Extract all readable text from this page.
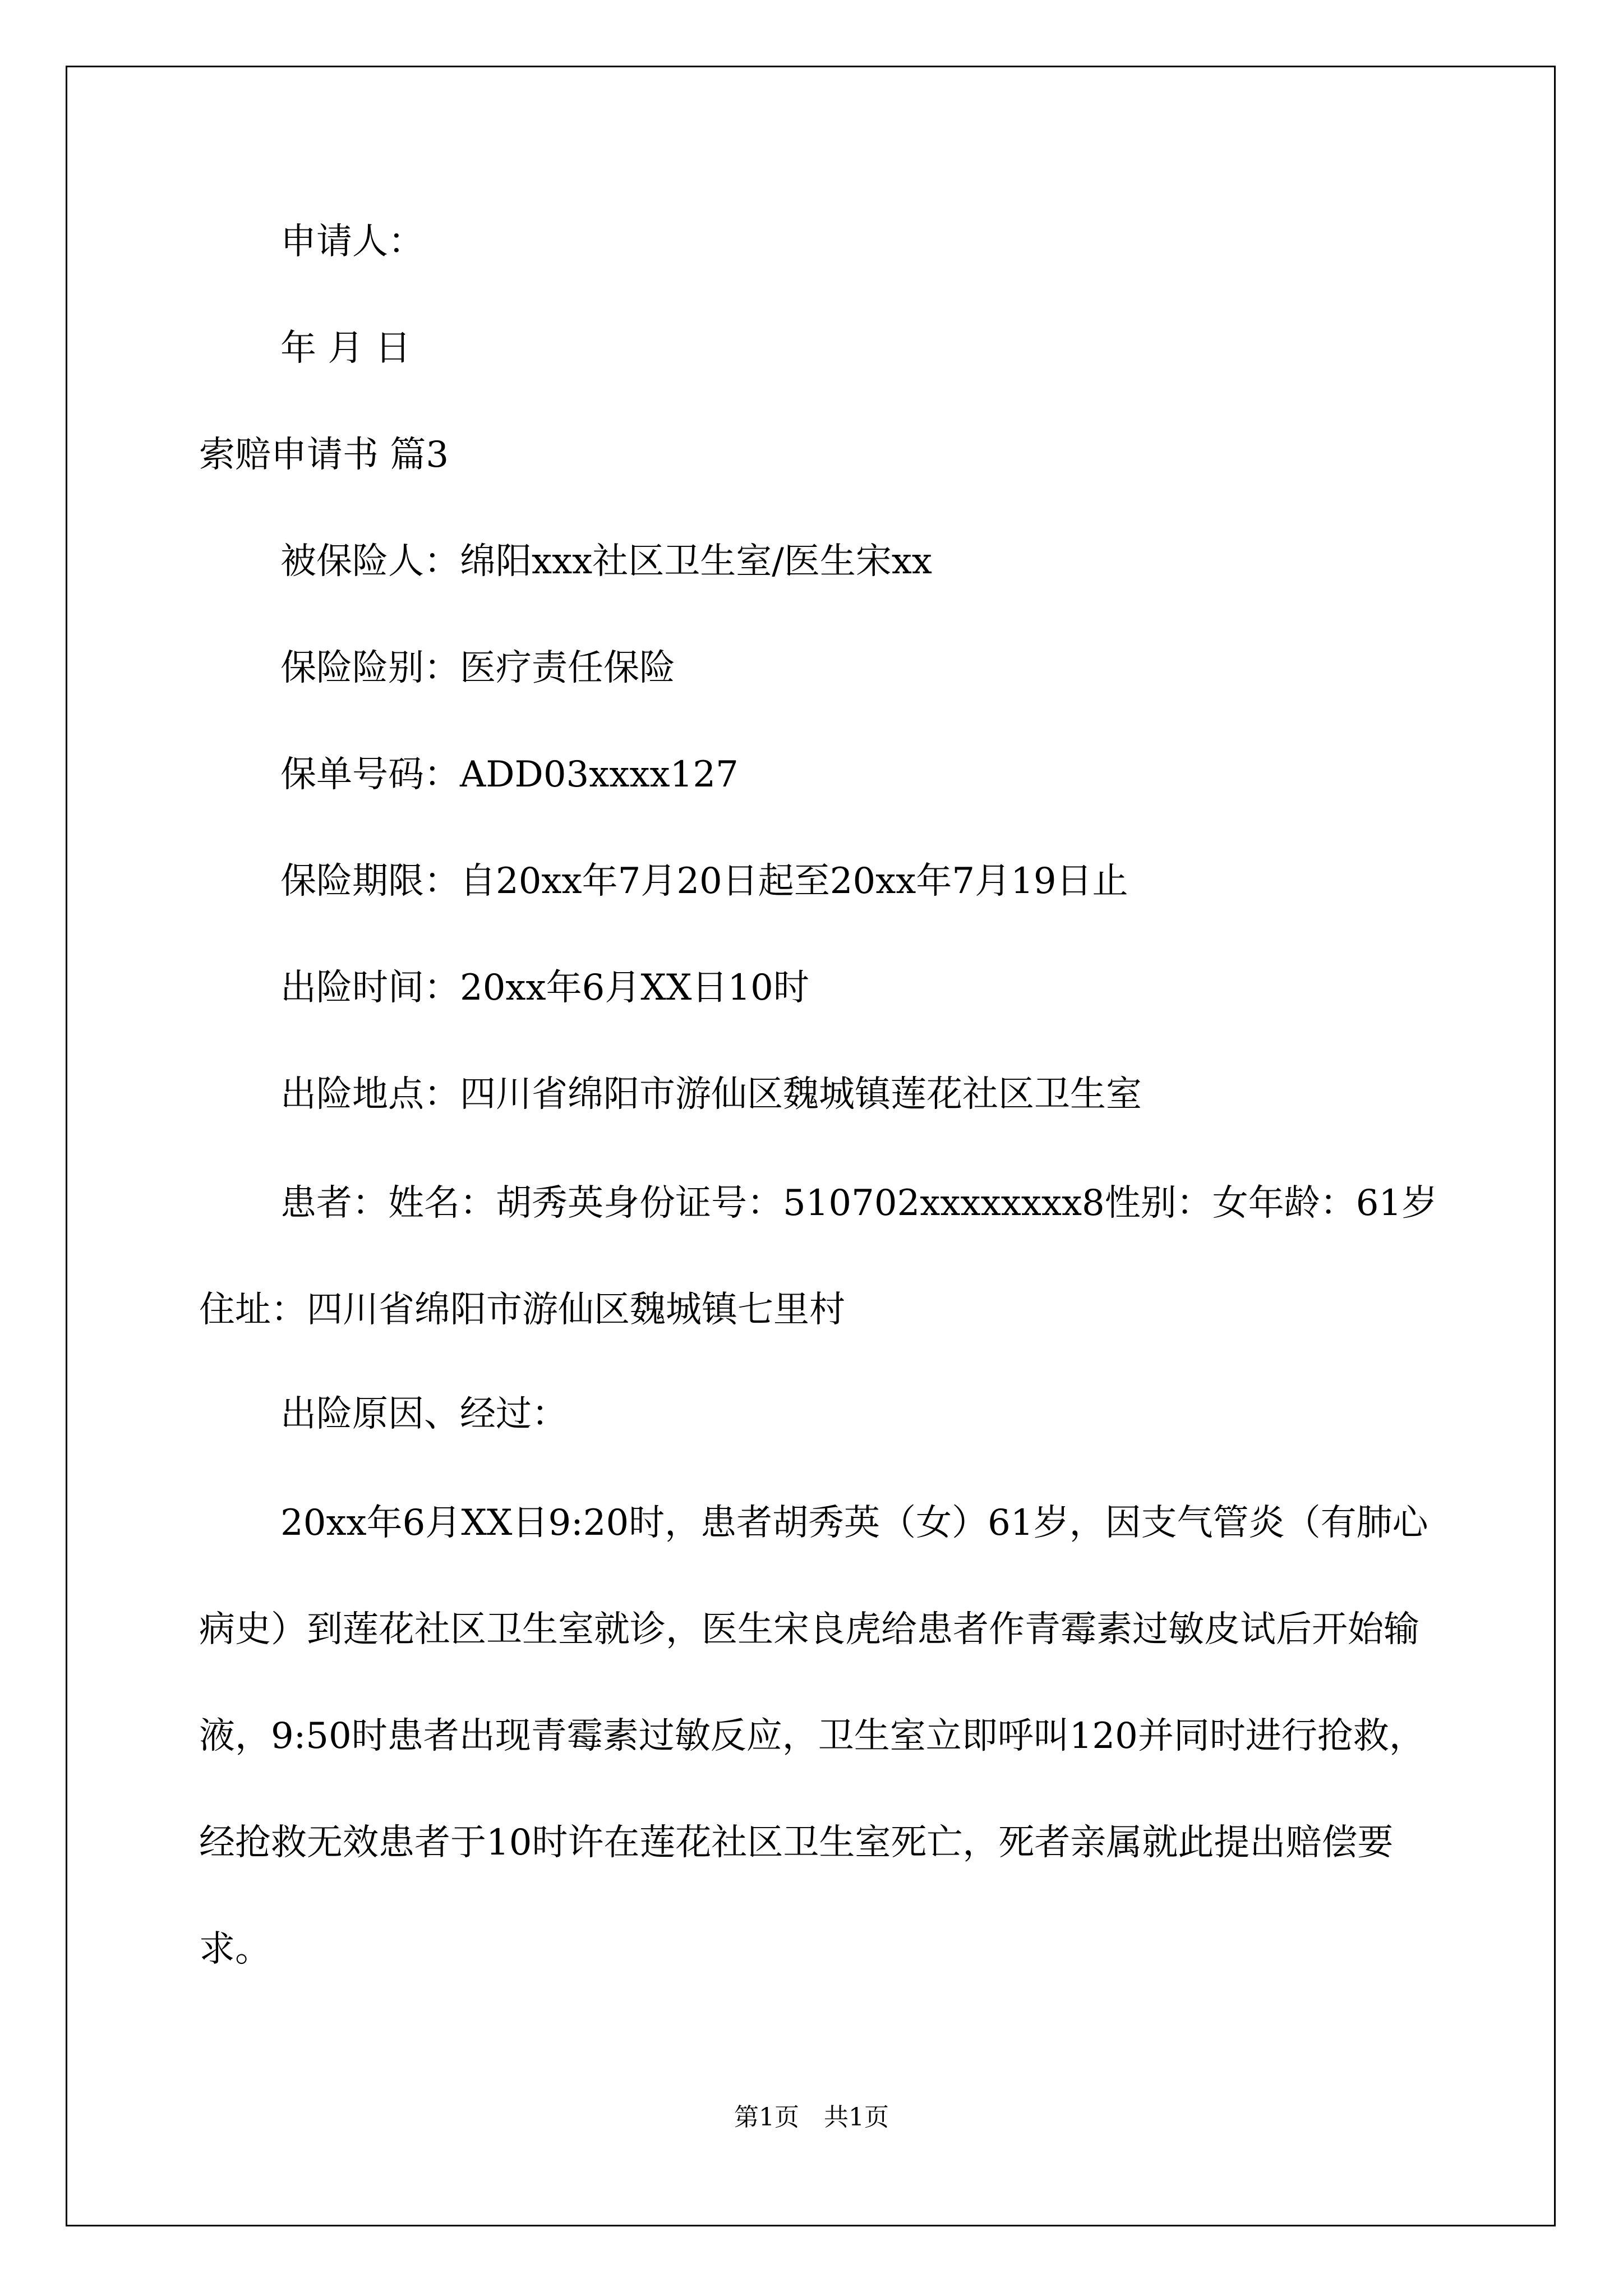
申请人：
年 月 日
索赔申请书 篇3
被保险人：绵阳xxx社区卫生室/医生宋xx
保险险别：医疗责任保险
保单号码：ADD03xxxx127
保险期限：自20xx年7月20日起至20xx年7月19日止
出险时间：20xx年6月XX日10时
出险地点：四川省绵阳市游仙区魏城镇莲花社区卫生室
患者：姓名：胡秀英身份证号：510702xxxxxxxx8性别：女年龄：61岁住址：四川省绵阳市游仙区魏城镇七里村
出险原因、经过：
20xx年6月XX日9:20时，患者胡秀英（女）61岁，因支气管炎（有肺心病史）到莲花社区卫生室就诊，医生宋良虎给患者作青霉素过敏皮试后开始输液，9:50时患者出现青霉素过敏反应，卫生室立即呼叫120并同时进行抢救，经抢救无效患者于10时许在莲花社区卫生室死亡，死者亲属就此提出赔偿要求。
第1页　共1页
